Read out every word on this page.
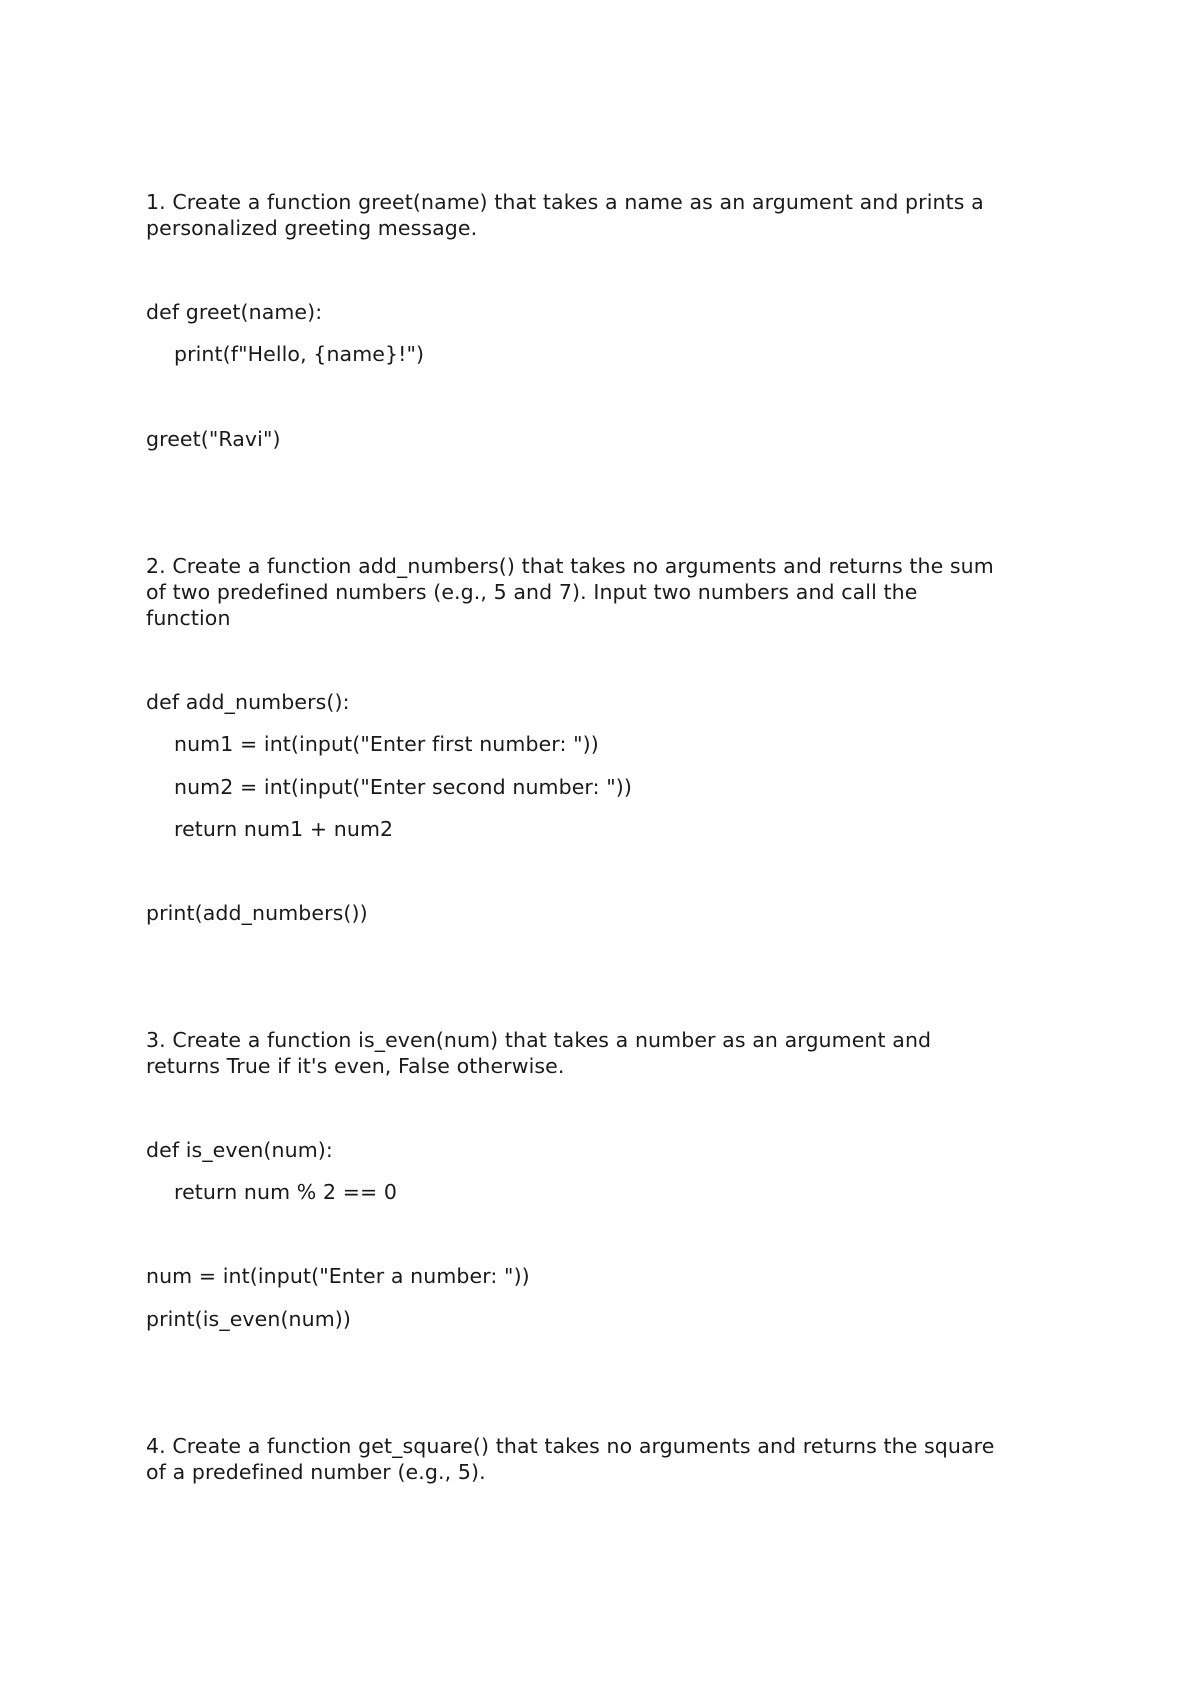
1. Create a function greet(name) that takes a name as an argument and prints a
personalized greeting message.
def greet(name):
print(f"Hello, {name}!")
greet("Ravi")
2. Create a function add_numbers() that takes no arguments and returns the sum
of two predefined numbers (e.g., 5 and 7). Input two numbers and call the
function
def add_numbers():
num1 = int(input("Enter first number: "))
num2 = int(input("Enter second number: "))
return num1 + num2
print(add_numbers())
3. Create a function is_even(num) that takes a number as an argument and
returns True if it's even, False otherwise.
def is_even(num):
return num % 2 == 0
num = int(input("Enter a number: "))
print(is_even(num))
4. Create a function get_square() that takes no arguments and returns the square
of a predefined number (e.g., 5).
